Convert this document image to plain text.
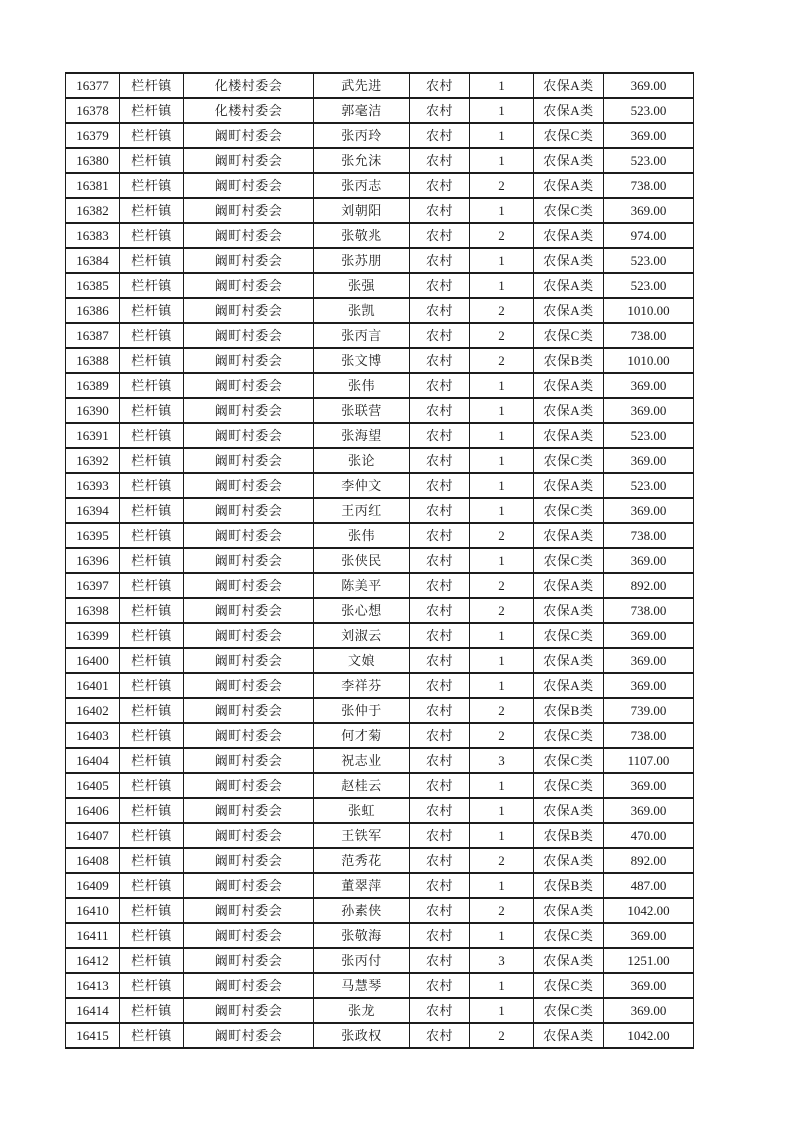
16377	栏杆镇	化楼村委会	武先进	农村	1	农保A类	369.00
16378	栏杆镇	化楼村委会	郭毫洁	农村	1	农保A类	523.00
16379	栏杆镇	阚町村委会	张丙玲	农村	1	农保C类	369.00
16380	栏杆镇	阚町村委会	张允沫	农村	1	农保A类	523.00
16381	栏杆镇	阚町村委会	张丙志	农村	2	农保A类	738.00
16382	栏杆镇	阚町村委会	刘朝阳	农村	1	农保C类	369.00
16383	栏杆镇	阚町村委会	张敬兆	农村	2	农保A类	974.00
16384	栏杆镇	阚町村委会	张苏朋	农村	1	农保A类	523.00
16385	栏杆镇	阚町村委会	张强	农村	1	农保A类	523.00
16386	栏杆镇	阚町村委会	张凯	农村	2	农保A类	1010.00
16387	栏杆镇	阚町村委会	张丙言	农村	2	农保C类	738.00
16388	栏杆镇	阚町村委会	张文博	农村	2	农保B类	1010.00
16389	栏杆镇	阚町村委会	张伟	农村	1	农保A类	369.00
16390	栏杆镇	阚町村委会	张联营	农村	1	农保A类	369.00
16391	栏杆镇	阚町村委会	张海望	农村	1	农保A类	523.00
16392	栏杆镇	阚町村委会	张论	农村	1	农保C类	369.00
16393	栏杆镇	阚町村委会	李仲文	农村	1	农保A类	523.00
16394	栏杆镇	阚町村委会	王丙红	农村	1	农保C类	369.00
16395	栏杆镇	阚町村委会	张伟	农村	2	农保A类	738.00
16396	栏杆镇	阚町村委会	张侠民	农村	1	农保C类	369.00
16397	栏杆镇	阚町村委会	陈美平	农村	2	农保A类	892.00
16398	栏杆镇	阚町村委会	张心想	农村	2	农保A类	738.00
16399	栏杆镇	阚町村委会	刘淑云	农村	1	农保C类	369.00
16400	栏杆镇	阚町村委会	文娘	农村	1	农保A类	369.00
16401	栏杆镇	阚町村委会	李祥芬	农村	1	农保A类	369.00
16402	栏杆镇	阚町村委会	张仲于	农村	2	农保B类	739.00
16403	栏杆镇	阚町村委会	何才菊	农村	2	农保C类	738.00
16404	栏杆镇	阚町村委会	祝志业	农村	3	农保C类	1107.00
16405	栏杆镇	阚町村委会	赵桂云	农村	1	农保C类	369.00
16406	栏杆镇	阚町村委会	张虹	农村	1	农保A类	369.00
16407	栏杆镇	阚町村委会	王铁军	农村	1	农保B类	470.00
16408	栏杆镇	阚町村委会	范秀花	农村	2	农保A类	892.00
16409	栏杆镇	阚町村委会	董翠萍	农村	1	农保B类	487.00
16410	栏杆镇	阚町村委会	孙素侠	农村	2	农保A类	1042.00
16411	栏杆镇	阚町村委会	张敬海	农村	1	农保C类	369.00
16412	栏杆镇	阚町村委会	张丙付	农村	3	农保A类	1251.00
16413	栏杆镇	阚町村委会	马慧琴	农村	1	农保C类	369.00
16414	栏杆镇	阚町村委会	张龙	农村	1	农保C类	369.00
16415	栏杆镇	阚町村委会	张政权	农村	2	农保A类	1042.00
